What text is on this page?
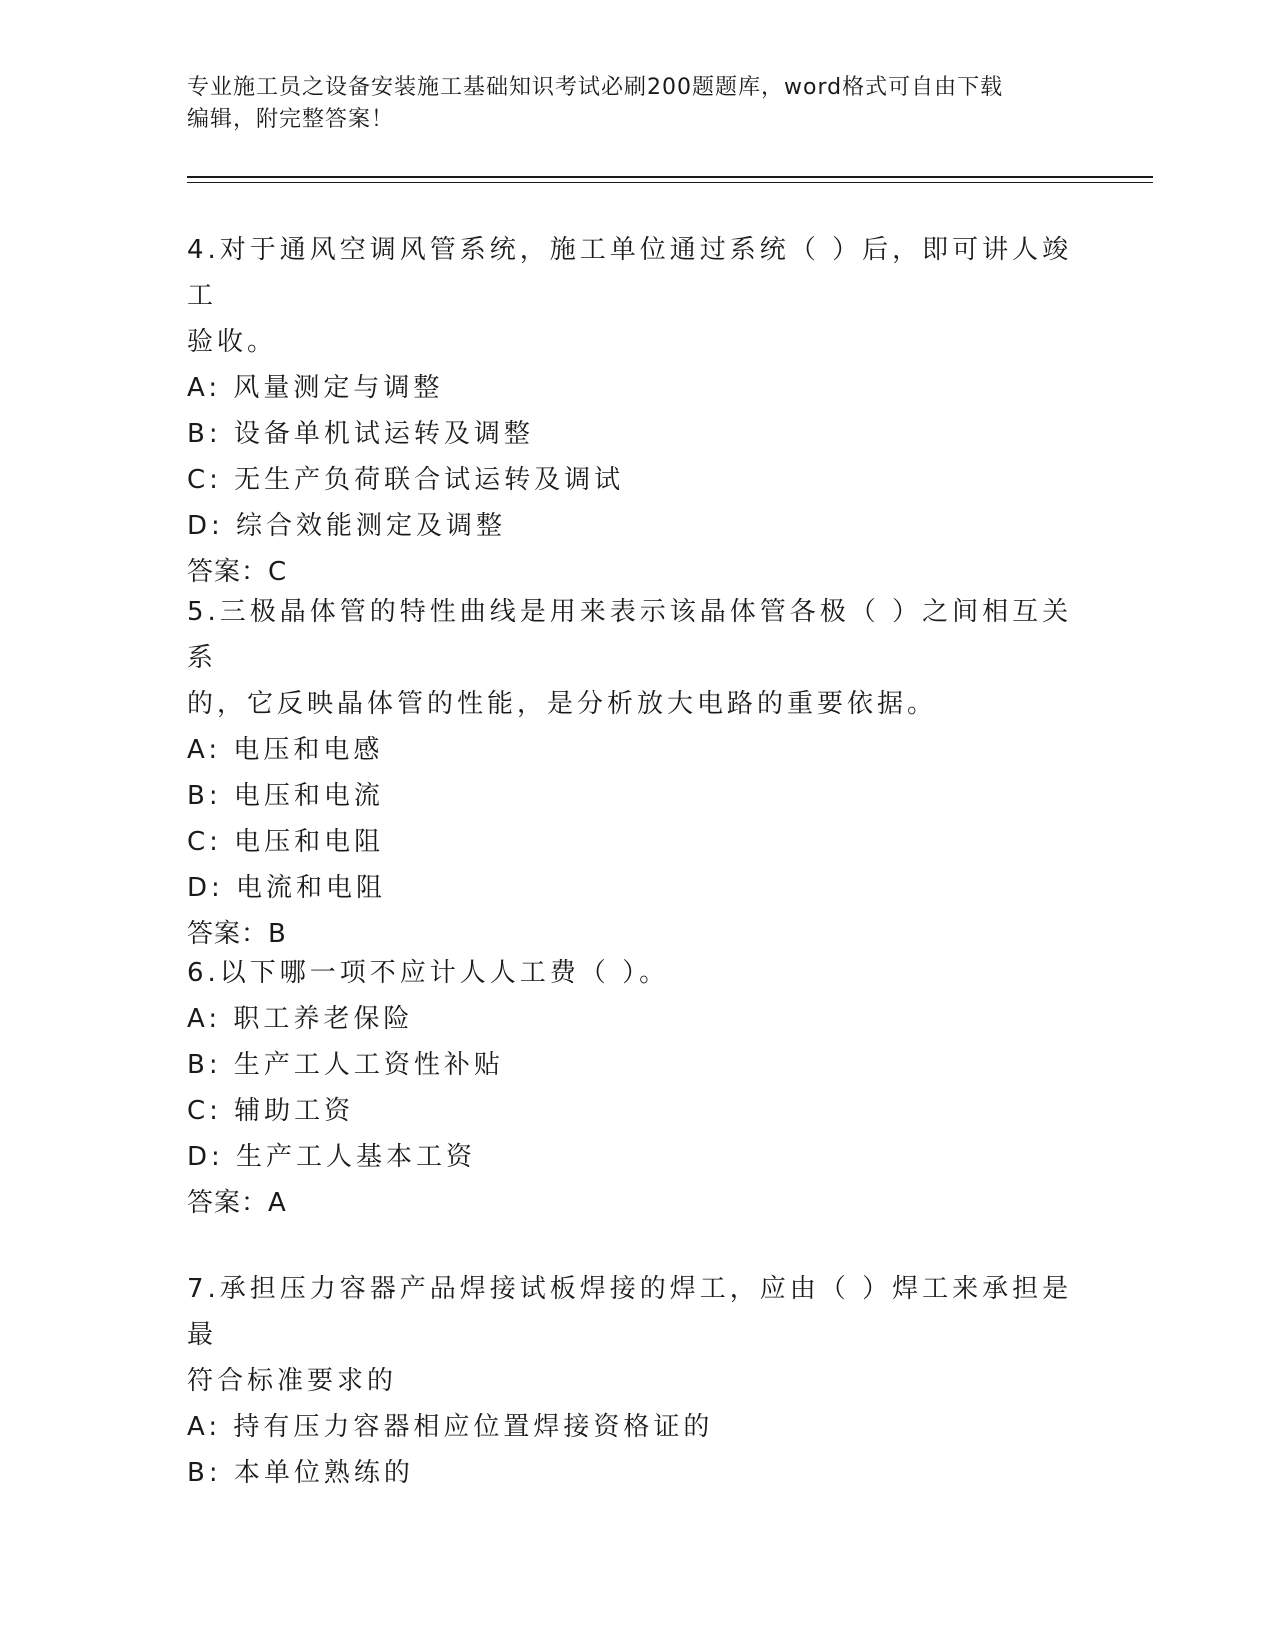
专业施工员之设备安装施工基础知识考试必刷200题题库，word格式可自由下载
编辑，附完整答案！
4.对于通风空调风管系统，施工单位通过系统（ ）后，即可讲人竣工
验收。
A: 风量测定与调整
B: 设备单机试运转及调整
C: 无生产负荷联合试运转及调试
D: 综合效能测定及调整
答案：C
5.三极晶体管的特性曲线是用来表示该晶体管各极（ ）之间相互关系
的，它反映晶体管的性能，是分析放大电路的重要依据。
A: 电压和电感
B: 电压和电流
C: 电压和电阻
D: 电流和电阻
答案：B
6.以下哪一项不应计人人工费（ ）。
A: 职工养老保险
B: 生产工人工资性补贴
C: 辅助工资
D: 生产工人基本工资
答案：A
7.承担压力容器产品焊接试板焊接的焊工，应由（ ）焊工来承担是最
符合标准要求的
A: 持有压力容器相应位置焊接资格证的
B: 本单位熟练的
